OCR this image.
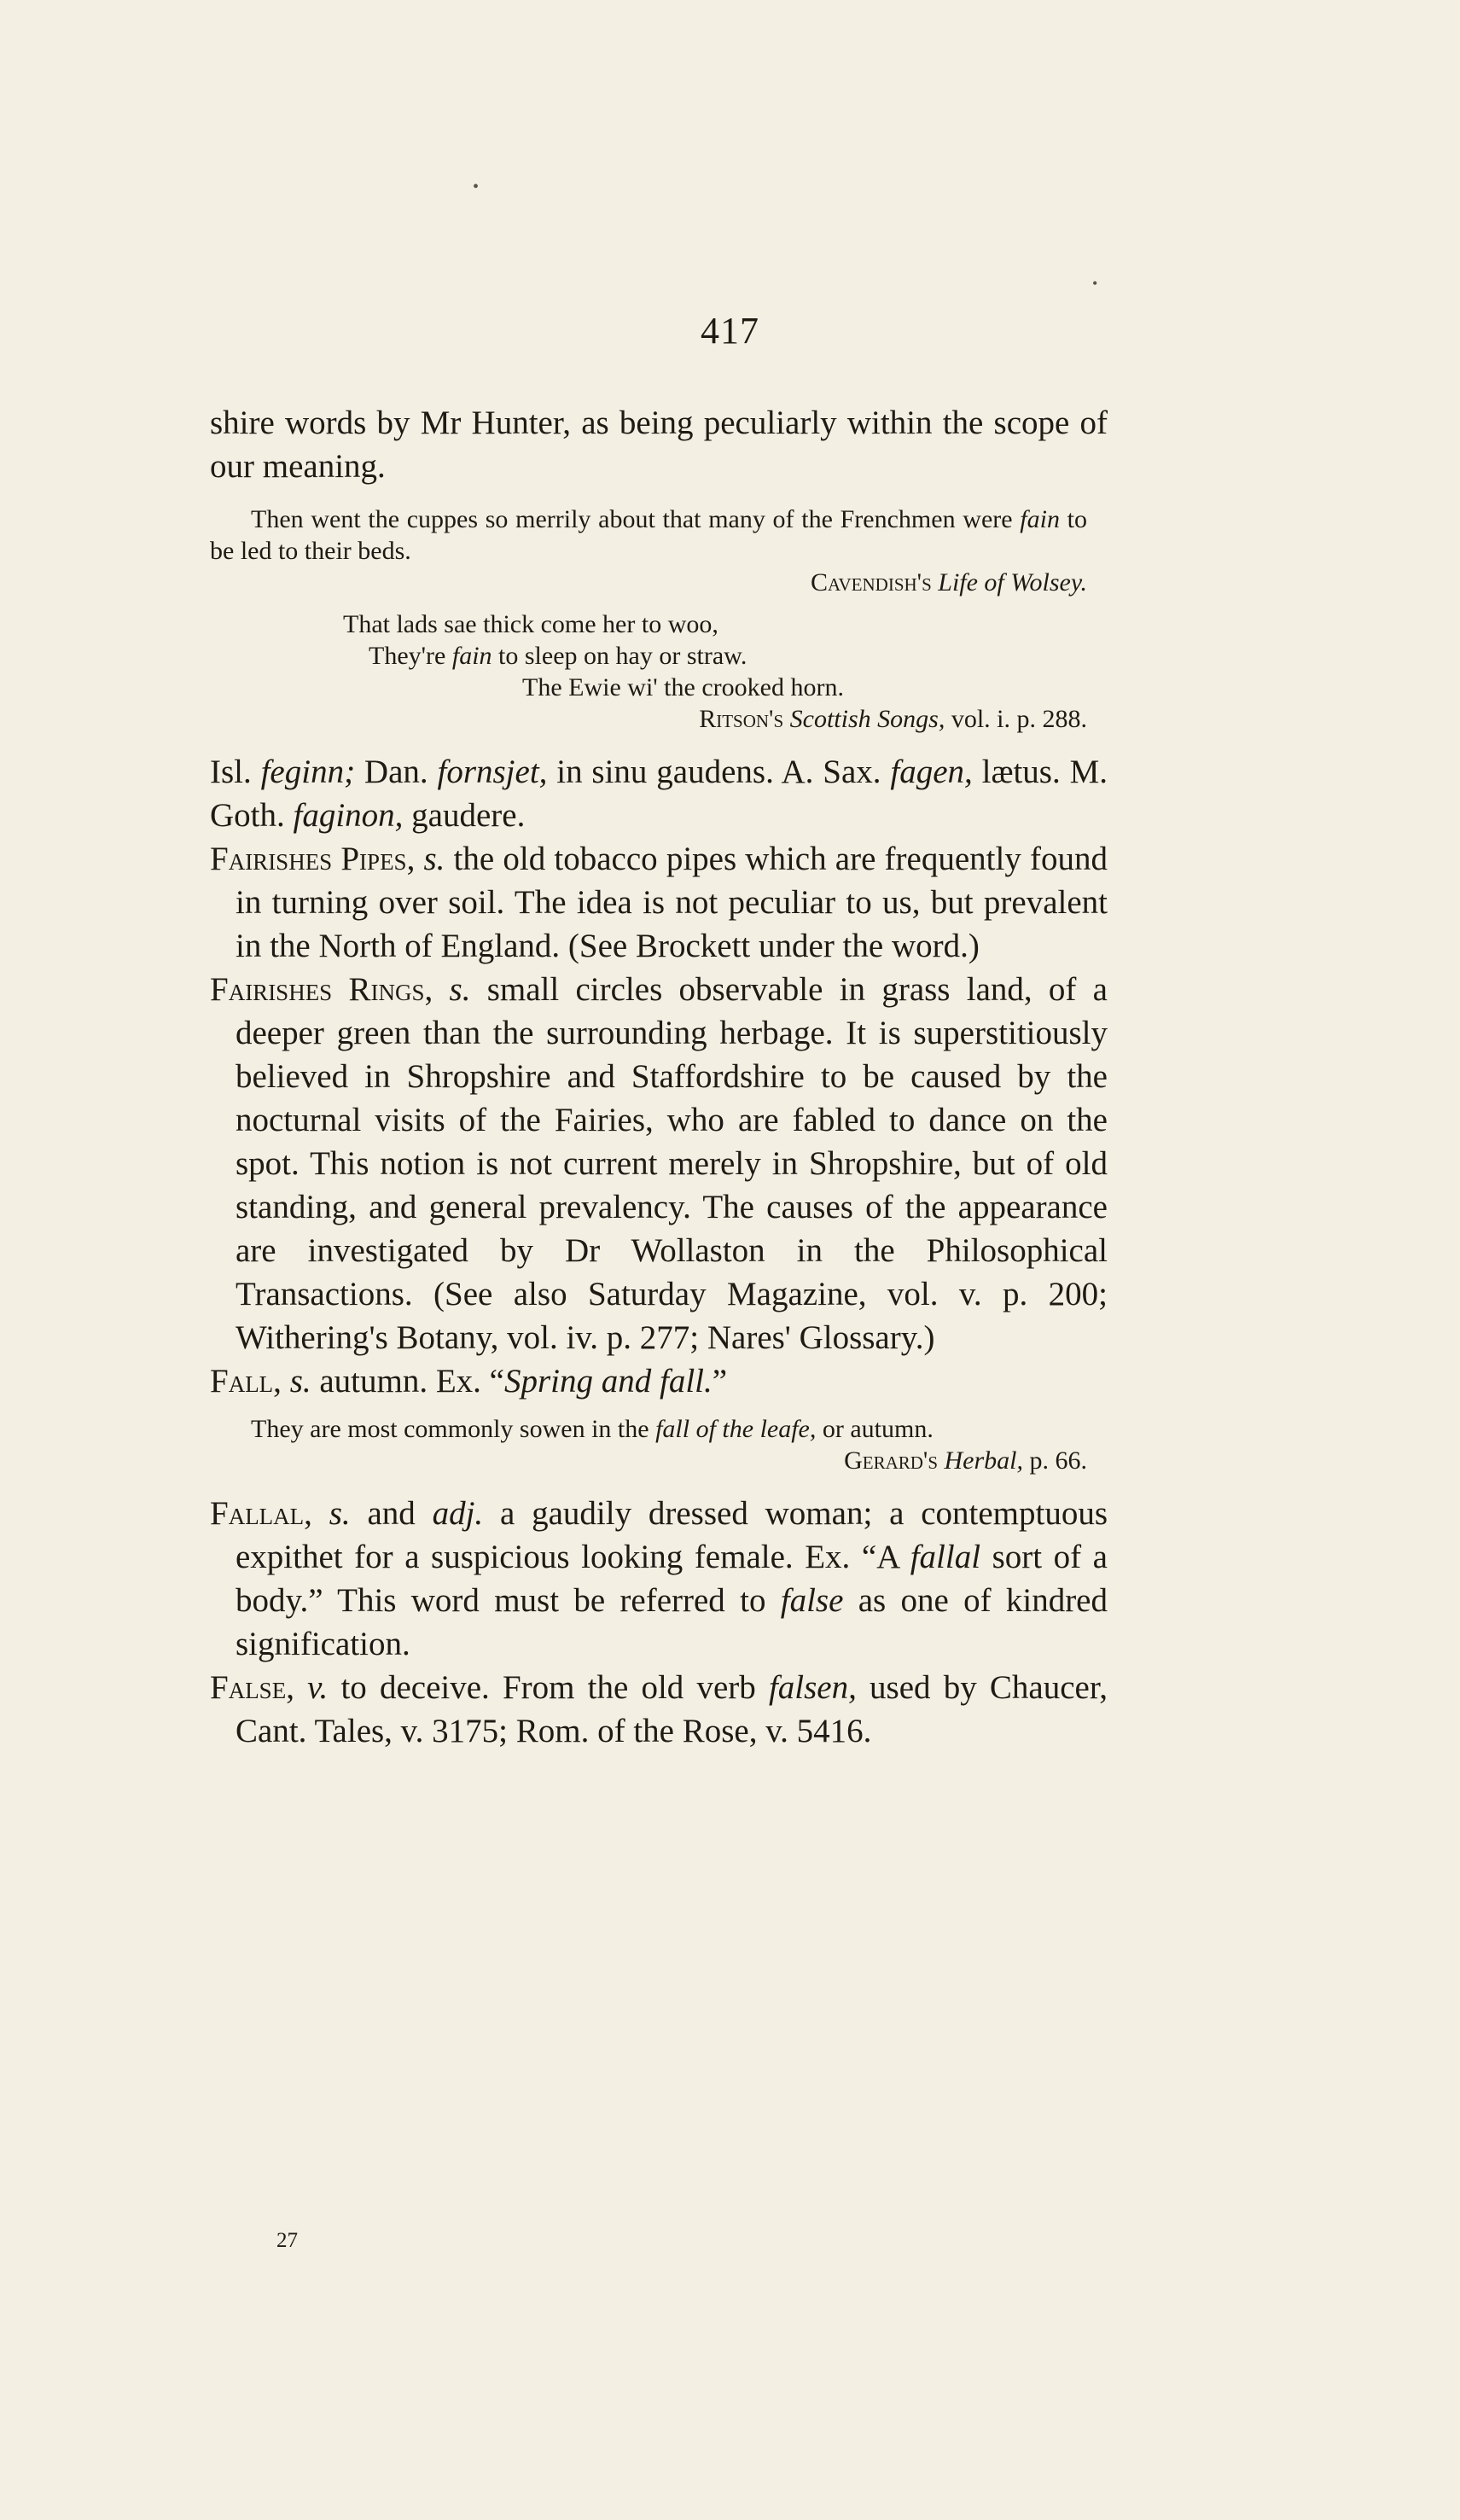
•
•
417

shire words by Mr Hunter, as being peculiarly within the scope of our meaning.

Then went the cuppes so merrily about that many of the Frenchmen were fain to be led to their beds.
Cavendish's Life of Wolsey.
That lads sae thick come her to woo,
They're fain to sleep on hay or straw.
The Ewie wi' the crooked horn.
Ritson's Scottish Songs, vol. i. p. 288.

Isl. feginn; Dan. fornsjet, in sinu gaudens. A. Sax. fagen, lætus. M. Goth. faginon, gaudere.

Fairishes Pipes, s. the old tobacco pipes which are frequently found in turning over soil. The idea is not peculiar to us, but prevalent in the North of England. (See Brockett under the word.)

Fairishes Rings, s. small circles observable in grass land, of a deeper green than the surrounding herbage. It is superstitiously believed in Shropshire and Staffordshire to be caused by the nocturnal visits of the Fairies, who are fabled to dance on the spot. This notion is not current merely in Shropshire, but of old standing, and general prevalency. The causes of the appearance are investigated by Dr Wollaston in the Philosophical Transactions. (See also Saturday Magazine, vol. v. p. 200; Withering's Botany, vol. iv. p. 277; Nares' Glossary.)

Fall, s. autumn. Ex. “Spring and fall.”

They are most commonly sowen in the fall of the leafe, or autumn.
Gerard's Herbal, p. 66.

Fallal, s. and adj. a gaudily dressed woman; a contemptuous expithet for a suspicious looking female. Ex. “A fallal sort of a body.” This word must be referred to false as one of kindred signification.

False, v. to deceive. From the old verb falsen, used by Chaucer, Cant. Tales, v. 3175; Rom. of the Rose, v. 5416.

27
